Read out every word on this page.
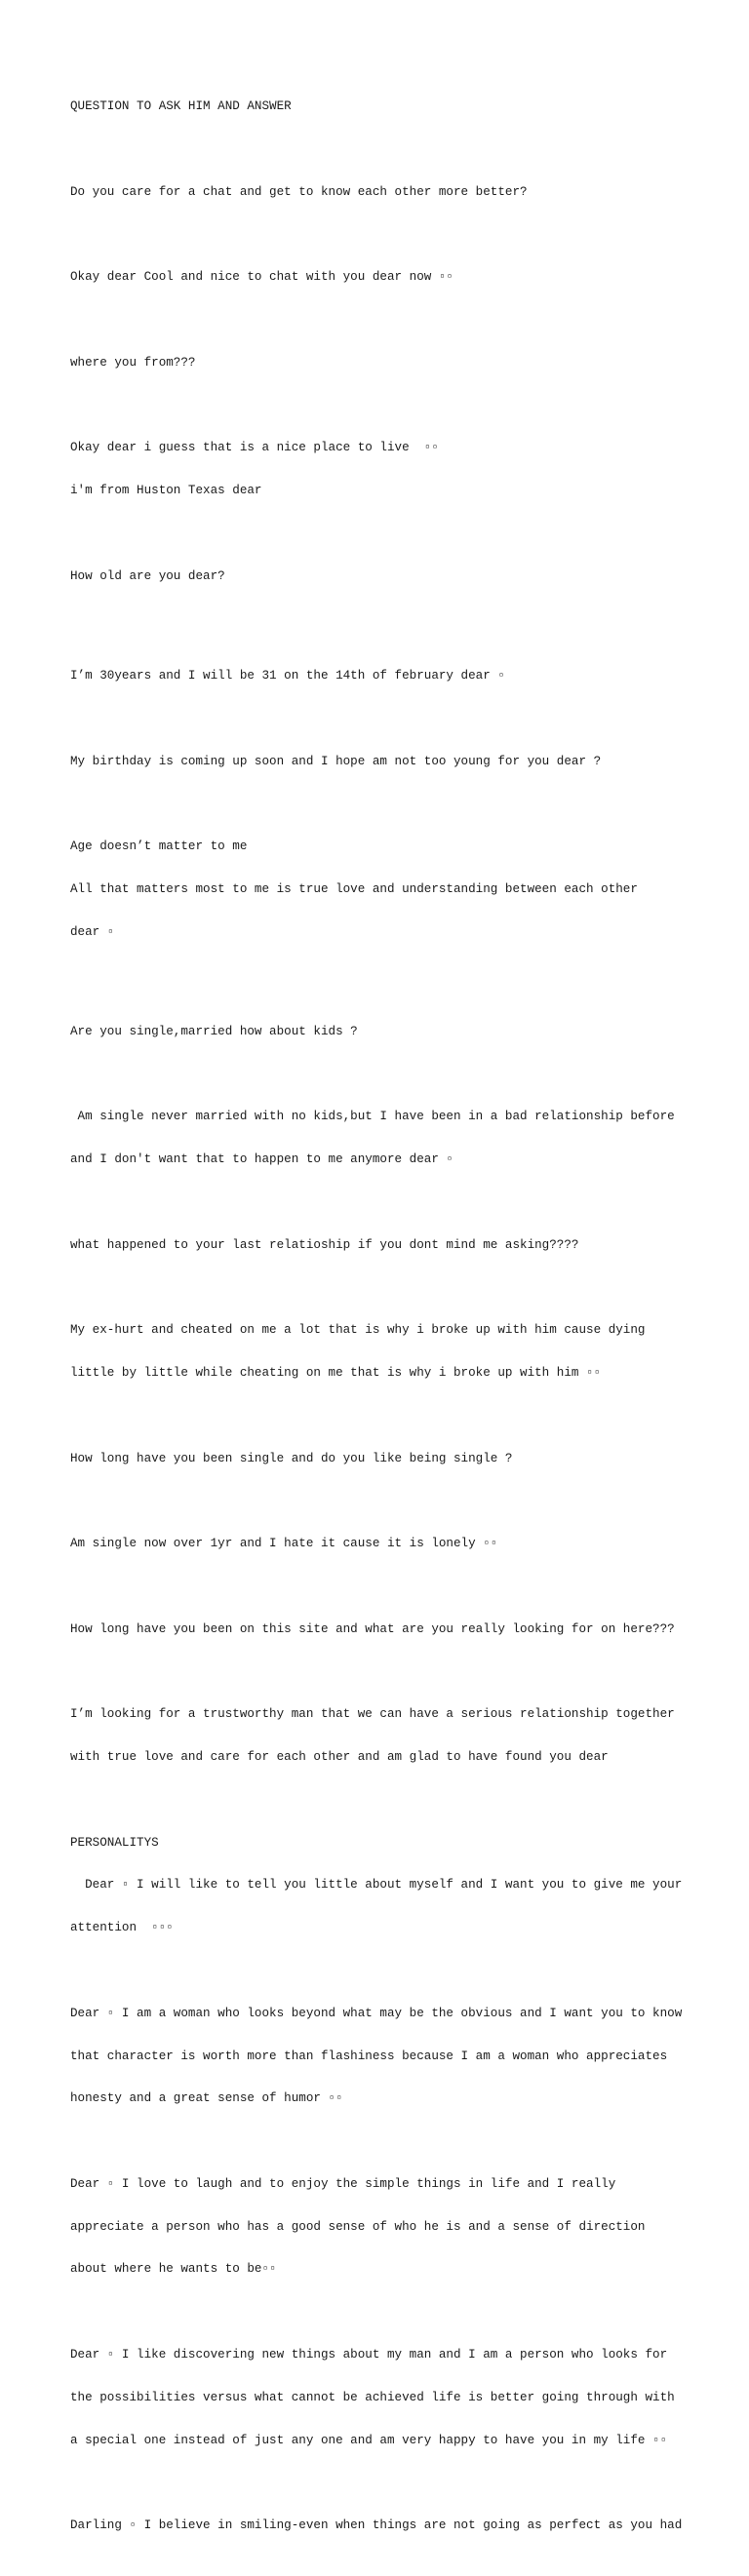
QUESTION TO ASK HIM AND ANSWER

Do you care for a chat and get to know each other more better?

Okay dear Cool and nice to chat with you dear now ▫▫

where you from???

Okay dear i guess that is a nice place to live  ▫▫

i'm from Huston Texas dear

How old are you dear?

I’m 30years and I will be 31 on the 14th of february dear ▫

My birthday is coming up soon and I hope am not too young for you dear ?

Age doesn’t matter to me

All that matters most to me is true love and understanding between each other

dear ▫

Are you single,married how about kids ?

Am single never married with no kids,but I have been in a bad relationship before

and I don't want that to happen to me anymore dear ▫

what happened to your last relatioship if you dont mind me asking????

My ex-hurt and cheated on me a lot that is why i broke up with him cause dying

little by little while cheating on me that is why i broke up with him ▫▫

How long have you been single and do you like being single ?

Am single now over 1yr and I hate it cause it is lonely ▫▫

How long have you been on this site and what are you really looking for on here???

I’m looking for a trustworthy man that we can have a serious relationship together

with true love and care for each other and am glad to have found you dear

PERSONALITYS

Dear ▫ I will like to tell you little about myself and I want you to give me your

attention  ▫▫▫

Dear ▫ I am a woman who looks beyond what may be the obvious and I want you to know

that character is worth more than flashiness because I am a woman who appreciates

honesty and a great sense of humor ▫▫

Dear ▫ I love to laugh and to enjoy the simple things in life and I really

appreciate a person who has a good sense of who he is and a sense of direction

about where he wants to be▫▫

Dear ▫ I like discovering new things about my man and I am a person who looks for

the possibilities versus what cannot be achieved life is better going through with

a special one instead of just any one and am very happy to have you in my life ▫▫

Darling ▫ I believe in smiling-even when things are not going as perfect as you had
